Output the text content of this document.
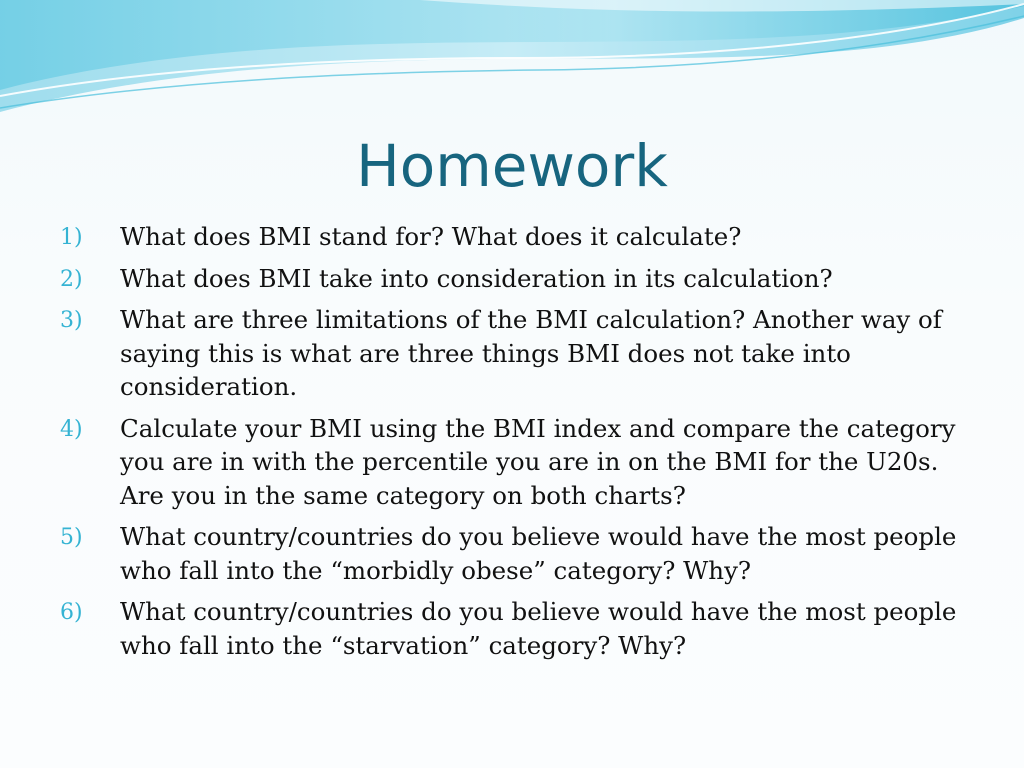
Homework
1)	What does BMI stand for? What does it calculate?
2)	What does BMI take into consideration in its calculation?
3)	What are three limitations of the BMI calculation? Another way of saying this is what are three things BMI does not take into consideration.
4)	Calculate your BMI using the BMI index and compare the category you are in with the percentile you are in on the BMI for the U20s. Are you in the same category on both charts?
5)	What country/countries do you believe would have the most people who fall into the “morbidly obese” category? Why?
6)	What country/countries do you believe would have the most people who fall into the “starvation” category? Why?
